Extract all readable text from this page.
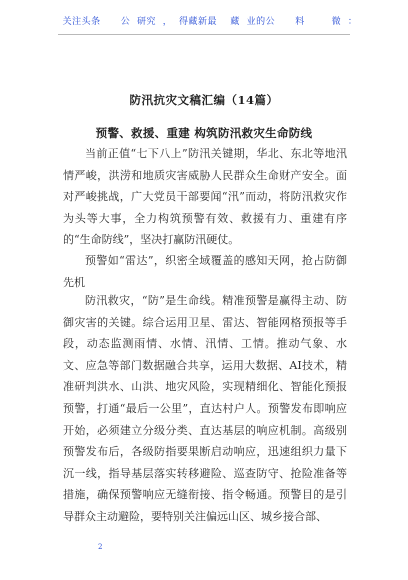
关注头条      公  研究  ，  得藏新最    藏  业的公      料        微  ：
防汛抗灾文稿汇编（14篇）
预警、救援、重建 构筑防汛救灾生命防线

当前正值“七下八上”防汛关键期，华北、东北等地汛情严峻，洪涝和地质灾害威胁人民群众生命财产安全。面对严峻挑战，广大党员干部要闻“汛”而动，将防汛救灾作为头等大事，全力构筑预警有效、救援有力、重建有序的“生命防线”，坚决打赢防汛硬仗。

预警如“雷达”，织密全域覆盖的感知天网，抢占防御先机

防汛救灾，“防”是生命线。精准预警是赢得主动、防御灾害的关键。综合运用卫星、雷达、智能网格预报等手段，动态监测雨情、水情、汛情、工情。推动气象、水文、应急等部门数据融合共享，运用大数据、AI技术，精准研判洪水、山洪、地灾风险，实现精细化、智能化预报预警，打通“最后一公里”，直达村户人。预警发布即响应开始，必须建立分级分类、直达基层的响应机制。高级别预警发布后，各级防指要果断启动响应，迅速组织力量下沉一线，指导基层落实转移避险、巡查防守、抢险准备等措施，确保预警响应无缝衔接、指令畅通。预警目的是引导群众主动避险，要特别关注偏远山区、城乡接合部、

2
